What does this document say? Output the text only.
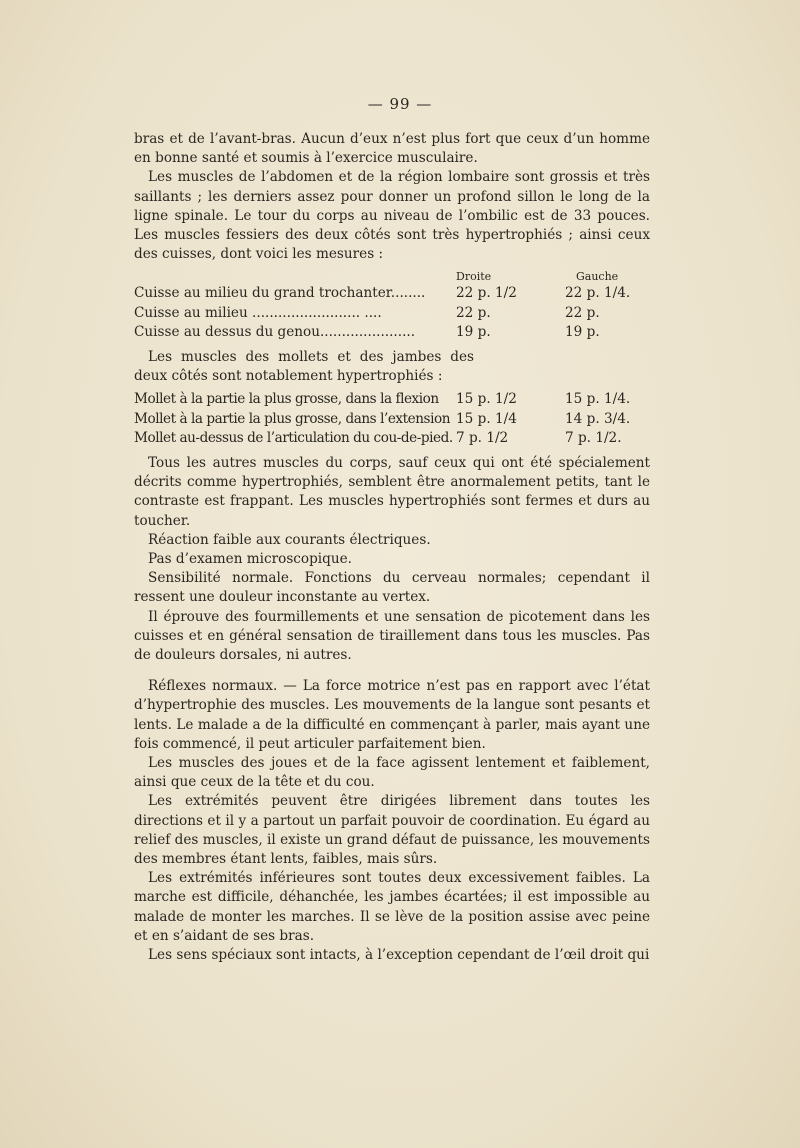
— 99 —

bras et de l’avant-bras. Aucun d’eux n’est plus fort que ceux d’un homme en bonne santé et soumis à l’exercice musculaire.

Les muscles de l’abdomen et de la région lombaire sont grossis et très saillants ; les derniers assez pour donner un profond sillon le long de la ligne spinale. Le tour du corps au niveau de l’ombilic est de 33 pouces. Les muscles fessiers des deux côtés sont très hypertrophiés ; ainsi ceux des cuisses, dont voici les mesures :

Droite	Gauche
Cuisse au milieu du grand trochanter........ 22 p. 1/2	22 p. 1/4.
Cuisse au milieu ......................... ....	22 p.	22 p.
Cuisse au dessus du genou......................	19 p.	19 p.

Les muscles des mollets et des jambes des deux côtés sont notablement hypertrophiés :

Mollet à la partie la plus grosse, dans la flexion 15 p. 1/2	15 p. 1/4.
Mollet à la partie la plus grosse, dans l’extension 15 p. 1/4	14 p. 3/4.
Mollet au-dessus de l’articulation du cou-de-pied. 7 p. 1/2	7 p. 1/2.

Tous les autres muscles du corps, sauf ceux qui ont été spécialement décrits comme hypertrophiés, semblent être anormalement petits, tant le contraste est frappant. Les muscles hypertrophiés sont fermes et durs au toucher.

Réaction faible aux courants électriques.

Pas d’examen microscopique.

Sensibilité normale. Fonctions du cerveau normales; cependant il ressent une douleur inconstante au vertex.

Il éprouve des fourmillements et une sensation de picotement dans les cuisses et en général sensation de tiraillement dans tous les muscles. Pas de douleurs dorsales, ni autres.

Réflexes normaux. — La force motrice n’est pas en rapport avec l’état d’hypertrophie des muscles. Les mouvements de la langue sont pesants et lents. Le malade a de la difficulté en commençant à parler, mais ayant une fois commencé, il peut articuler parfaitement bien.

Les muscles des joues et de la face agissent lentement et faiblement, ainsi que ceux de la tête et du cou.

Les extrémités peuvent être dirigées librement dans toutes les directions et il y a partout un parfait pouvoir de coordination. Eu égard au relief des muscles, il existe un grand défaut de puissance, les mouvements des membres étant lents, faibles, mais sûrs.

Les extrémités inférieures sont toutes deux excessivement faibles. La marche est difficile, déhanchée, les jambes écartées; il est impossible au malade de monter les marches. Il se lève de la position assise avec peine et en s’aidant de ses bras.

Les sens spéciaux sont intacts, à l’exception cependant de l’œil droit qui
